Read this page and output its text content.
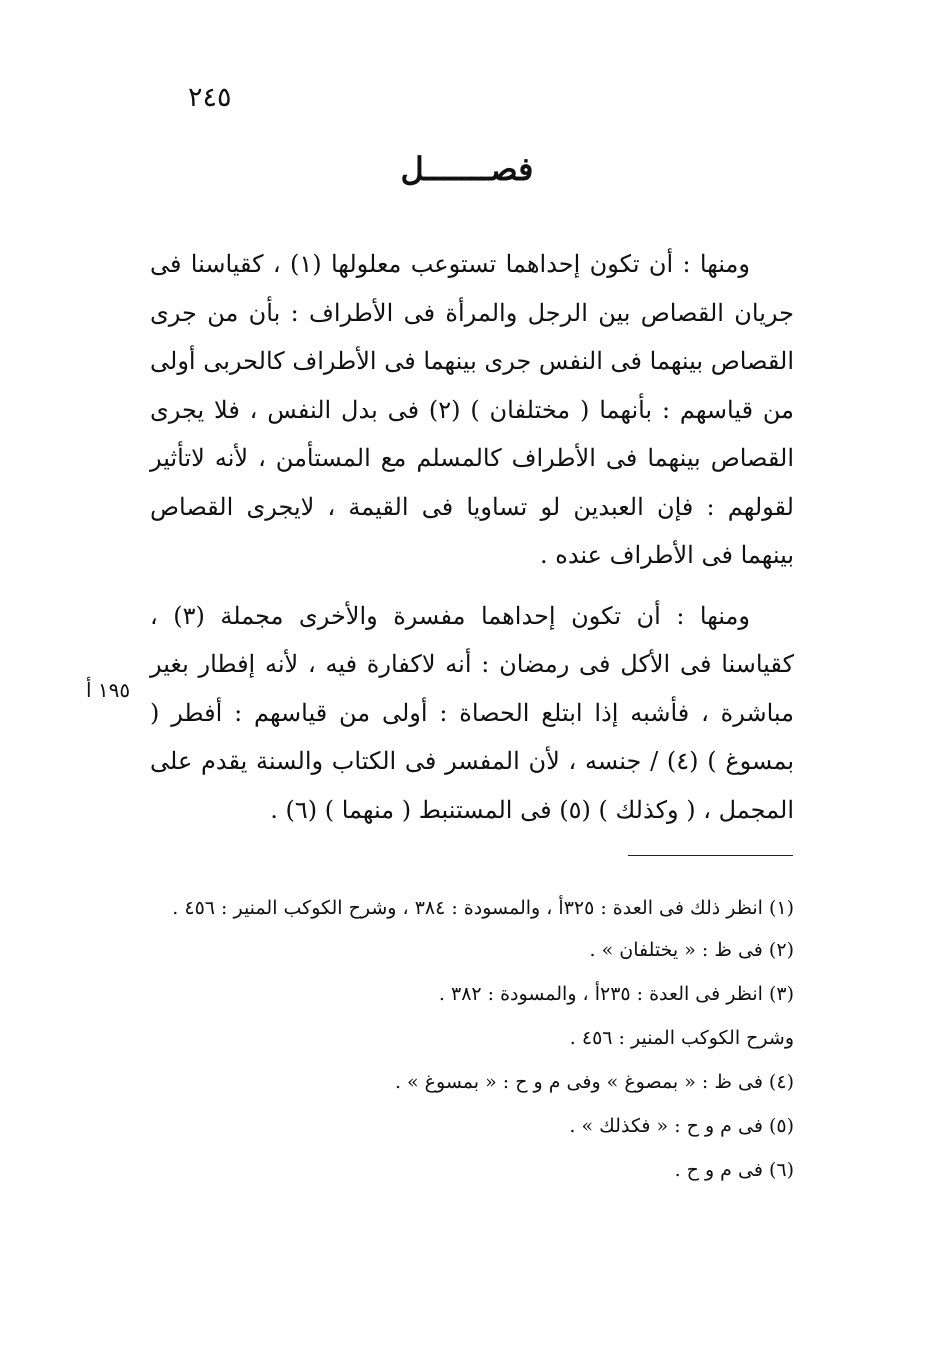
٢٤٥
فصـــــــل

ومنها : أن تكون إحداهما تستوعب معلولها (١) ، كقياسنا فى جريان القصاص بين الرجل والمرأة فى الأطراف : بأن من جرى القصاص بينهما فى النفس جرى بينهما فى الأطراف كالحربى أولى من قياسهم : بأنهما ( مختلفان ) (٢) فى بدل النفس ، فلا يجرى القصاص بينهما فى الأطراف كالمسلم مع المستأمن ، لأنه لاتأثير لقولهم : فإن العبدين لو تساويا فى القيمة ، لايجرى القصاص بينهما فى الأطراف عنده .

ومنها : أن تكون إحداهما مفسرة والأخرى مجملة (٣) ، كقياسنا فى الأكل فى رمضان : أنه لاكفارة فيه ، لأنه إفطار بغير مباشرة ، فأشبه إذا ابتلع الحصاة : أولى من قياسهم : أفطر ( بمسوغ ) (٤) / جنسه ، لأن المفسر فى الكتاب والسنة يقدم على المجمل ، ( وكذلك ) (٥) فى المستنبط ( منهما ) (٦) .

١٩٥ أ

(١) انظر ذلك فى العدة : ٣٢٥أ ، والمسودة : ٣٨٤ ، وشرح الكوكب المنير : ٤٥٦ .

(٢) فى ظ : « يختلفان » .

(٣) انظر فى العدة : ٢٣٥أ ، والمسودة : ٣٨٢ .

وشرح الكوكب المنير : ٤٥٦ .

(٤) فى ظ : « بمصوغ » وفى م و ح : « بمسوغ » .

(٥) فى م و ح : « فكذلك » .

(٦) فى م و ح .
